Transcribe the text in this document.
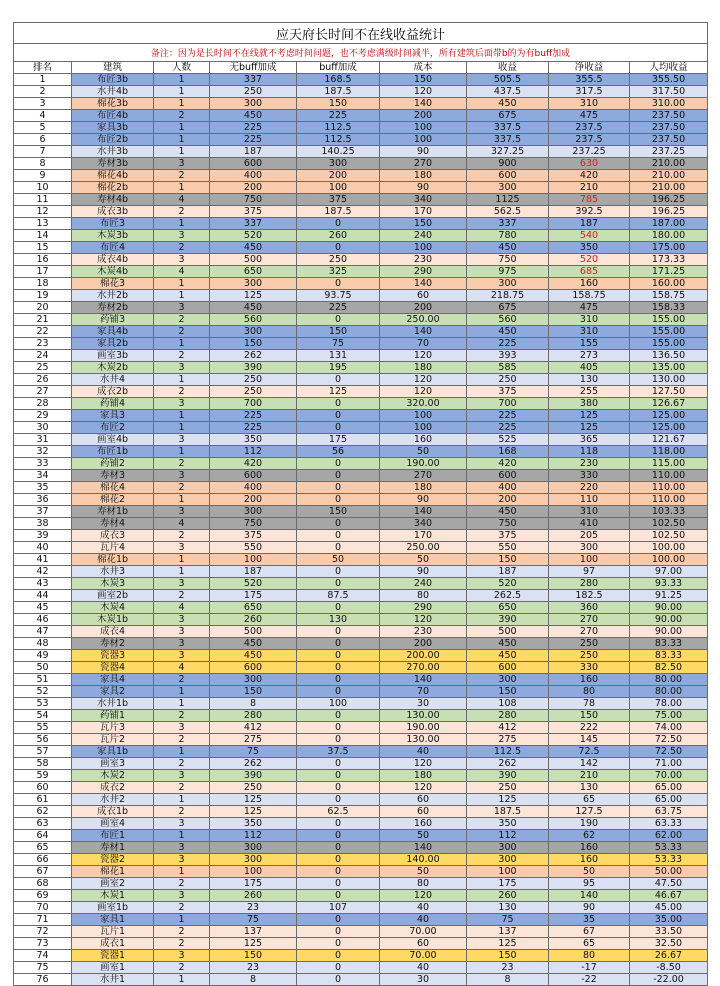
应天府长时间不在线收益统计								
备注：因为是长时间不在线就不考虑时间问题，也不考虑满级时间减半，所有建筑后面带b的为有buff加成								
排名	建筑	人数	无buff加成	buff加成	成本	收益	净收益	人均收益
1	布匠3b	1	337	168.5	150	505.5	355.5	355.50
2	水井4b	1	250	187.5	120	437.5	317.5	317.50
3	棉花3b	1	300	150	140	450	310	310.00
4	布匠4b	2	450	225	200	675	475	237.50
5	家具3b	1	225	112.5	100	337.5	237.5	237.50
6	布匠2b	1	225	112.5	100	337.5	237.5	237.50
7	水井3b	1	187	140.25	90	327.25	237.25	237.25
8	寿材3b	3	600	300	270	900	630	210.00
9	棉花4b	2	400	200	180	600	420	210.00
10	棉花2b	1	200	100	90	300	210	210.00
11	寿材4b	4	750	375	340	1125	785	196.25
12	成衣3b	2	375	187.5	170	562.5	392.5	196.25
13	布匠3	1	337	0	150	337	187	187.00
14	木炭3b	3	520	260	240	780	540	180.00
15	布匠4	2	450	0	100	450	350	175.00
16	成衣4b	3	500	250	230	750	520	173.33
17	木炭4b	4	650	325	290	975	685	171.25
18	棉花3	1	300	0	140	300	160	160.00
19	水井2b	1	125	93.75	60	218.75	158.75	158.75
20	寿材2b	3	450	225	200	675	475	158.33
21	药铺3	2	560	0	250.00	560	310	155.00
22	家具4b	2	300	150	140	450	310	155.00
23	家具2b	1	150	75	70	225	155	155.00
24	画室3b	2	262	131	120	393	273	136.50
25	木炭2b	3	390	195	180	585	405	135.00
26	水井4	1	250	0	120	250	130	130.00
27	成衣2b	2	250	125	120	375	255	127.50
28	药铺4	3	700	0	320.00	700	380	126.67
29	家具3	1	225	0	100	225	125	125.00
30	布匠2	1	225	0	100	225	125	125.00
31	画室4b	3	350	175	160	525	365	121.67
32	布匠1b	1	112	56	50	168	118	118.00
33	药铺2	2	420	0	190.00	420	230	115.00
34	寿材3	3	600	0	270	600	330	110.00
35	棉花4	2	400	0	180	400	220	110.00
36	棉花2	1	200	0	90	200	110	110.00
37	寿材1b	3	300	150	140	450	310	103.33
38	寿材4	4	750	0	340	750	410	102.50
39	成衣3	2	375	0	170	375	205	102.50
40	瓦片4	3	550	0	250.00	550	300	100.00
41	棉花1b	1	100	50	50	150	100	100.00
42	水井3	1	187	0	90	187	97	97.00
43	木炭3	3	520	0	240	520	280	93.33
44	画室2b	2	175	87.5	80	262.5	182.5	91.25
45	木炭4	4	650	0	290	650	360	90.00
46	木炭1b	3	260	130	120	390	270	90.00
47	成衣4	3	500	0	230	500	270	90.00
48	寿材2	3	450	0	200	450	250	83.33
49	瓷器3	3	450	0	200.00	450	250	83.33
50	瓷器4	4	600	0	270.00	600	330	82.50
51	家具4	2	300	0	140	300	160	80.00
52	家具2	1	150	0	70	150	80	80.00
53	水井1b	1	8	100	30	108	78	78.00
54	药铺1	2	280	0	130.00	280	150	75.00
55	瓦片3	3	412	0	190.00	412	222	74.00
56	瓦片2	2	275	0	130.00	275	145	72.50
57	家具1b	1	75	37.5	40	112.5	72.5	72.50
58	画室3	2	262	0	120	262	142	71.00
59	木炭2	3	390	0	180	390	210	70.00
60	成衣2	2	250	0	120	250	130	65.00
61	水井2	1	125	0	60	125	65	65.00
62	成衣1b	2	125	62.5	60	187.5	127.5	63.75
63	画室4	3	350	0	160	350	190	63.33
64	布匠1	1	112	0	50	112	62	62.00
65	寿材1	3	300	0	140	300	160	53.33
66	瓷器2	3	300	0	140.00	300	160	53.33
67	棉花1	1	100	0	50	100	50	50.00
68	画室2	2	175	0	80	175	95	47.50
69	木炭1	3	260	0	120	260	140	46.67
70	画室1b	2	23	107	40	130	90	45.00
71	家具1	1	75	0	40	75	35	35.00
72	瓦片1	2	137	0	70.00	137	67	33.50
73	成衣1	2	125	0	60	125	65	32.50
74	瓷器1	3	150	0	70.00	150	80	26.67
75	画室1	2	23	0	40	23	-17	-8.50
76	水井1	1	8	0	30	8	-22	-22.00
